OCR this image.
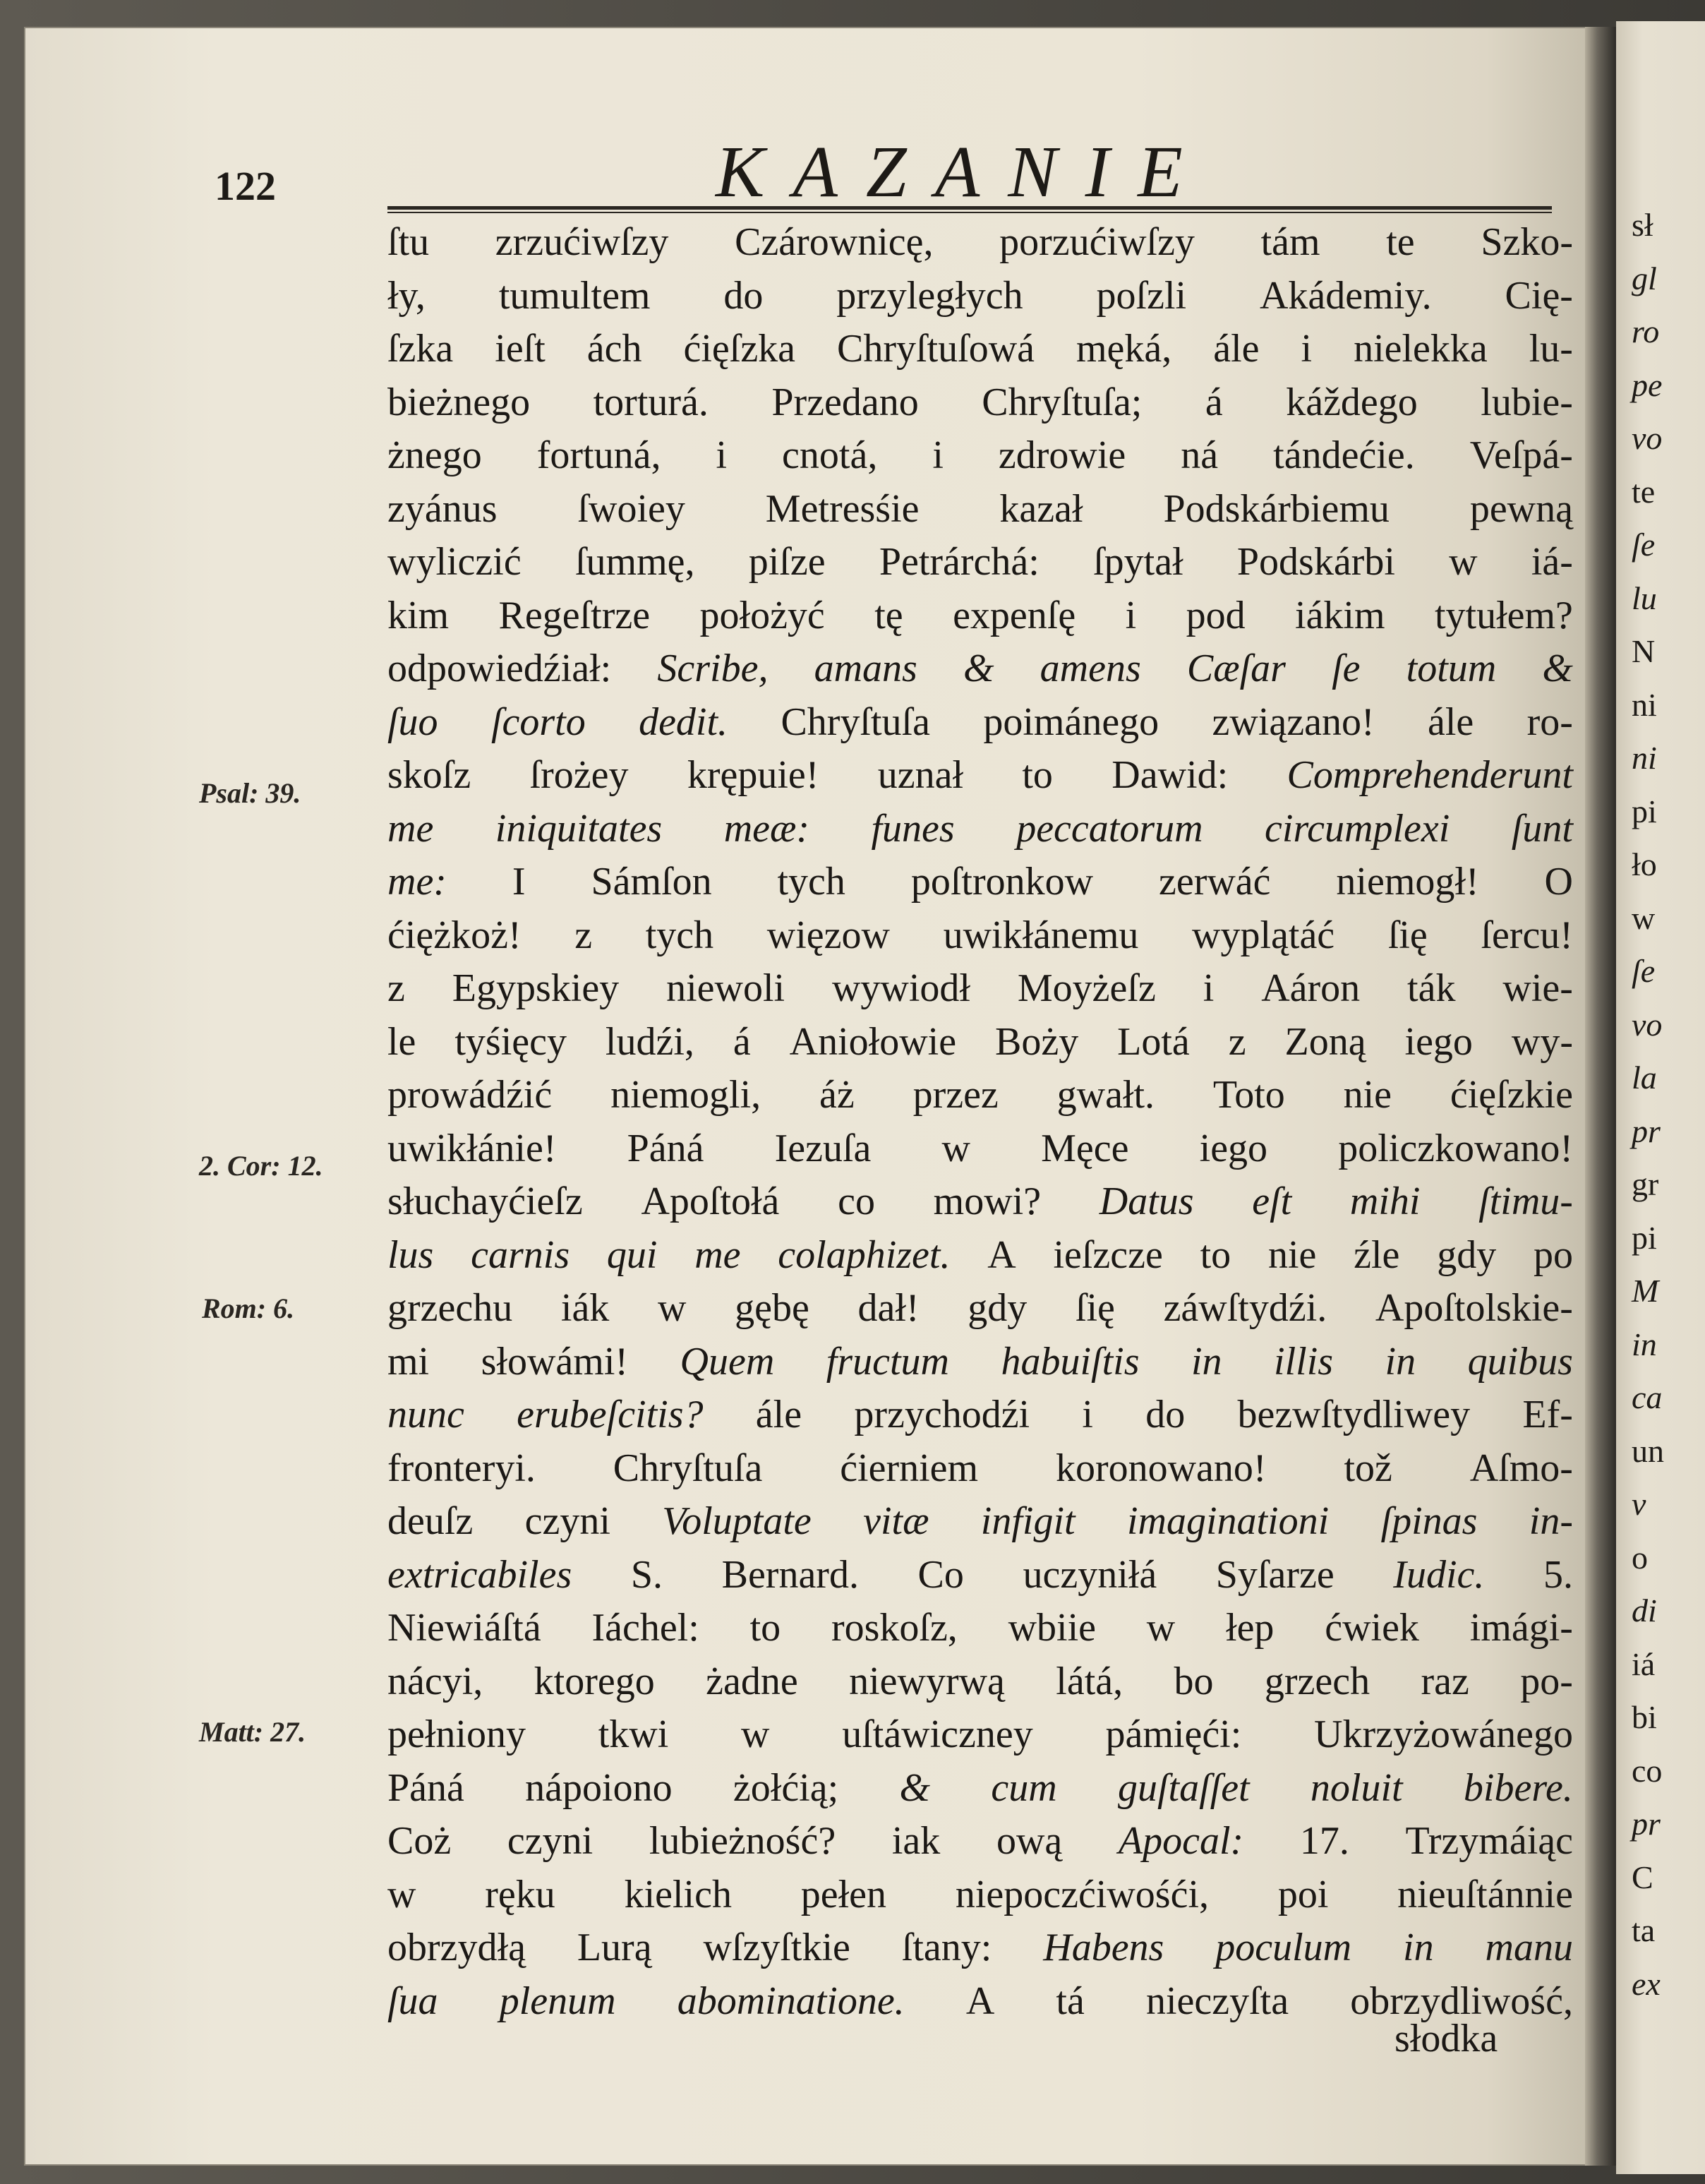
122	KAZANIE
ſtu zrzućiwſzy Czárownicę, porzućiwſzy tám te Szko-
ły, tumultem do przyległych poſzli Akádemiy. Cię-
ſzka ieſt ách ćięſzka Chryſtuſowá męká, ále i nielekka lu-
bieżnego torturá. Przedano Chryſtuſa; á káždego lubie-
żnego fortuná, i cnotá, i zdrowie ná tándećie. Veſpá-
zyánus ſwoiey Metresśie kazał Podskárbiemu pewną
wyliczić ſummę, piſze Petrárchá: ſpytał Podskárbi w iá-
kim Regeſtrze położyć tę expenſę i pod iákim tytułem?
odpowiedźiał: Scribe, amans & amens Cæſar ſe totum &
ſuo ſcorto dedit. Chryſtuſa poimánego związano! ále ro-
skoſz ſrożey krępuie! uznał to Dawid: Comprehenderunt
me iniquitates meæ: funes peccatorum circumplexi ſunt
me: I Sámſon tych poſtronkow zerwáć niemogł! O
ćiężkoż! z tych więzow uwikłánemu wyplątáć ſię ſercu!
z Egypskiey niewoli wywiodł Moyżeſz i Aáron ták wie-
le tyśięcy ludźi, á Aniołowie Boży Lotá z Zoną iego wy-
prowádźić niemogli, áż przez gwałt. Toto nie ćięſzkie
uwikłánie! Páná Iezuſa w Męce iego policzkowano!
słuchayćieſz Apoſtołá co mowi? Datus eſt mihi ſtimu-
lus carnis qui me colaphizet. A ieſzcze to nie źle gdy po
grzechu iák w gębę dał! gdy ſię záwſtydźi. Apoſtolskie-
mi słowámi! Quem fructum habuiſtis in illis in quibus
nunc erubeſcitis? ále przychodźi i do bezwſtydliwey Ef-
fronteryi. Chryſtuſa ćierniem koronowano! tož Aſmo-
deuſz czyni Voluptate vitæ infigit imaginationi ſpinas in-
extricabiles S. Bernard. Co uczyniłá Syſarze Iudic. 5.
Niewiáſtá Iáchel: to roskoſz, wbiie w łep ćwiek imági-
nácyi, ktorego żadne niewyrwą látá, bo grzech raz po-
pełniony tkwi w uſtáwiczney pámięći: Ukrzyżowánego
Páná nápoiono żołćią; & cum guſtaſſet noluit bibere.
Coż czyni lubieżność? iak ową Apocal: 17. Trzymáiąc
w ręku kielich pełen niepoczćiwośći, poi nieuſtánnie
obrzydłą Lurą wſzyſtkie ſtany: Habens poculum in manu
ſua plenum abominatione. A tá nieczyſta obrzydliwość,
Psal: 39.
2. Cor: 12.
Rom: 6.
Matt: 27.
słodka
sł
gl
ro
pe
vo
te
ſe
lu
N
ni
ni
pi
ło
w
ſe
vo
la
pr
gr
pi
M
in
ca
un
v
o
di
iá
bi
co
pr
C
ta
ex
